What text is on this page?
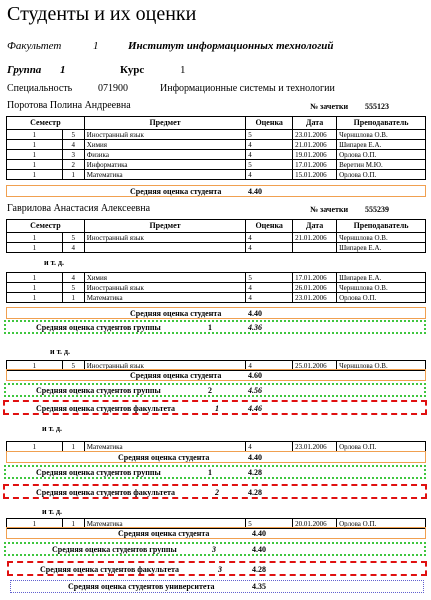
Студенты и их оценки
Факультет	1	Институт информационных технологий
Группа 1	Курс	1
Специальность	071900	Информационные системы и технологии
Поротова Полина Андреевна	№ зачетки 555123
Семестр		Предмет	Оценка	Дата	Преподаватель
1	5	Иностранный язык	5	23.01.2006	Черншлова О.В.
1	4	Химия	4	21.01.2006	Шипарев Е.А.
1	3	Физика	4	19.01.2006	Орлова О.П.
1	2	Информатика	5	17.01.2006	Веретин М.Ю.
1	1	Математика	4	15.01.2006	Орлова О.П.
Средняя оценка студента	4.40
Гаврилова Анастасия Алексеевна	№ зачетки 555239
Семестр		Предмет	Оценка	Дата	Преподаватель
1	5	Иностранный язык	4	21.01.2006	Черншлова О.В.
1	4		4		Шипарев Е.А.
и т. д.
1	4	Химия	5	17.01.2006	Шипарев Е.А.
1	5	Иностранный язык	4	26.01.2006	Черншлова О.В.
1	1	Математика	4	23.01.2006	Орлова О.П.
Средняя оценка студента	4.40
Средняя оценка студентов группы	1	4.36
и т. д.
1	5	Иностранный язык	4	25.01.2006	Черншлова О.В.
Средняя оценка студента	4.60
Средняя оценка студентов группы	2	4.56
Средняя оценка студентов факультета	1	4.46
и т. д.
1	1	Математика	4	23.01.2006	Орлова О.П.
Средняя оценка студента	4.40
Средняя оценка студентов группы	1	4.28
Средняя оценка студентов факультета	2	4.28
и т. д.
1	1	Математика	5	20.01.2006	Орлова О.П.
Средняя оценка студента	4.40
Средняя оценка студентов группы	3	4.40
Средняя оценка студентов факультета	3	4.28
Средняя оценка студентов университета	4.35
